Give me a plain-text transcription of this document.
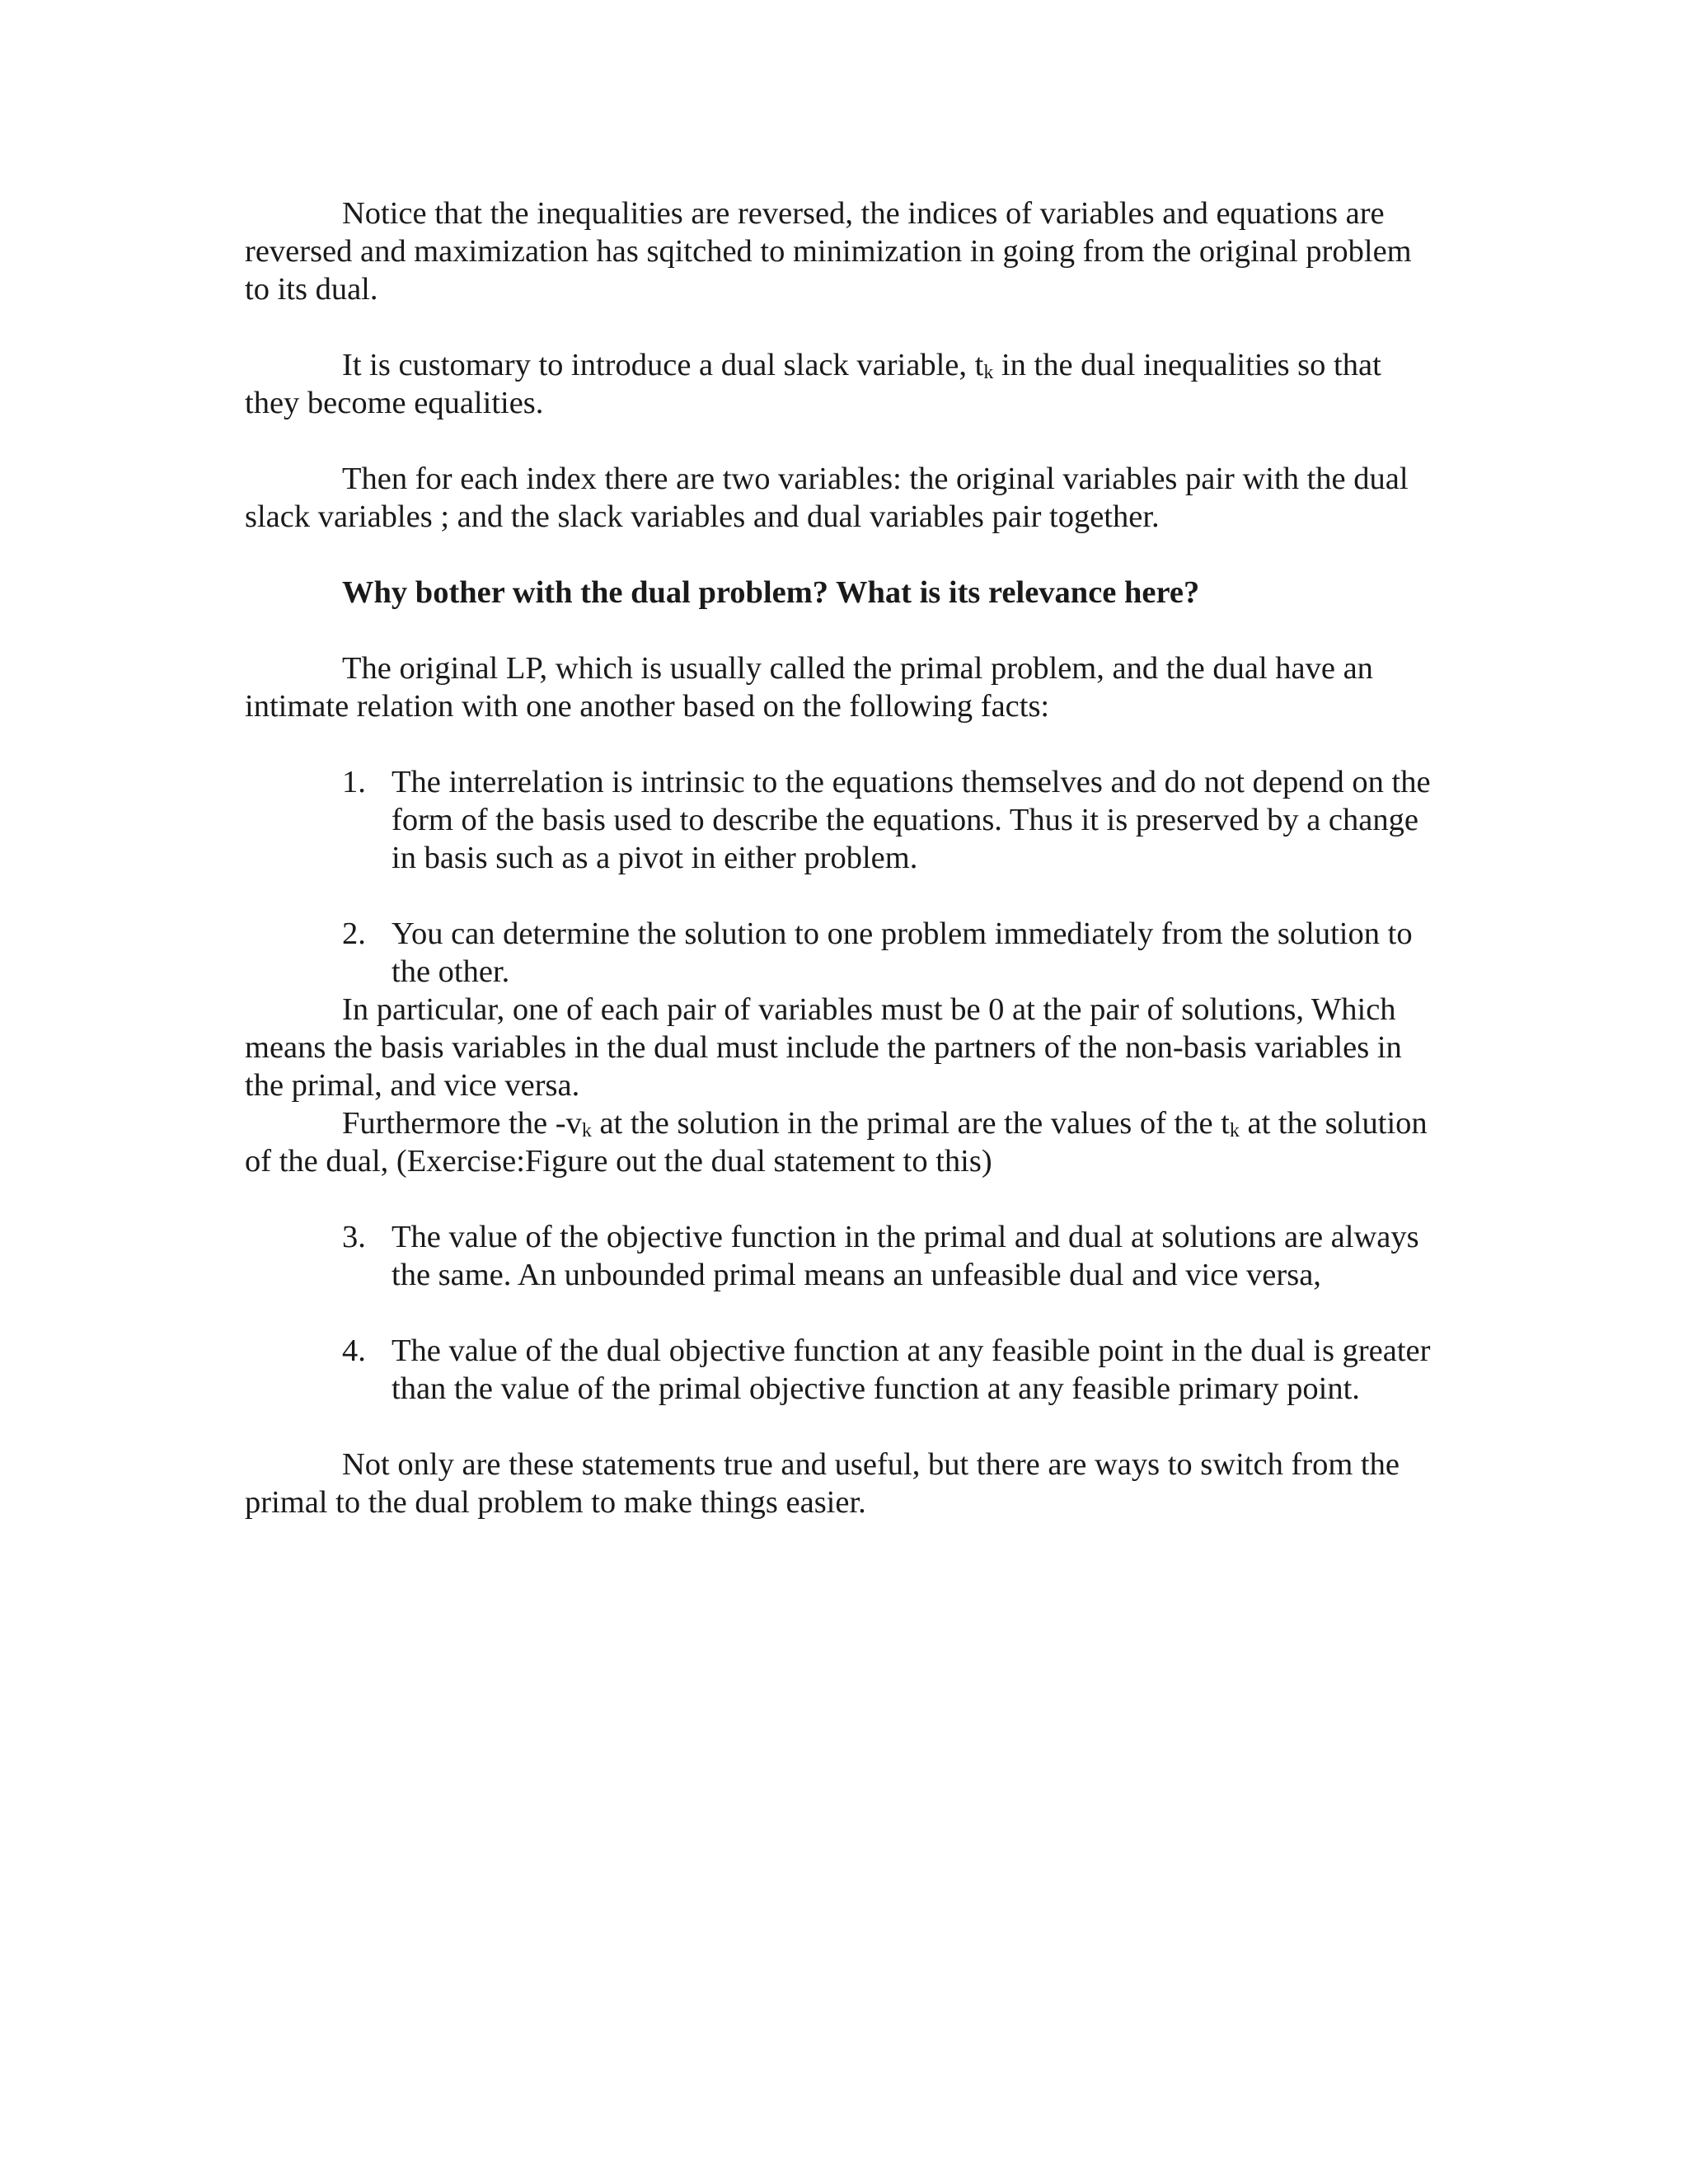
Notice that the inequalities are reversed, the indices of variables and equations are reversed and maximization has sqitched to minimization in going from the original problem to its dual.

It is customary to introduce a dual slack variable, $t_k$ in the dual inequalities so that they become equalities.

Then for each index there are two variables: the original variables pair with the dual slack variables ; and the slack variables and dual variables pair together.

Why bother with the dual problem? What is its relevance here?

The original LP, which is usually called the primal problem, and the dual have an intimate relation with one another based on the following facts:

1. The interrelation is intrinsic to the equations themselves and do not depend on the form of the basis used to describe the equations. Thus it is preserved by a change in basis such as a pivot in either problem.
2. You can determine the solution to one problem immediately from the solution to the other.

In particular, one of each pair of variables must be 0 at the pair of solutions, Which means the basis variables in the dual must include the partners of the non-basis variables in the primal, and vice versa.

Furthermore the $-v_k$ at the solution in the primal are the values of the $t_k$ at the solution of the dual, (Exercise:Figure out the dual statement to this)

3. The value of the objective function in the primal and dual at solutions are always the same. An unbounded primal means an unfeasible dual and vice versa,
4. The value of the dual objective function at any feasible point in the dual is greater than the value of the primal objective function at any feasible primary point.

Not only are these statements true and useful, but there are ways to switch from the primal to the dual problem to make things easier.
